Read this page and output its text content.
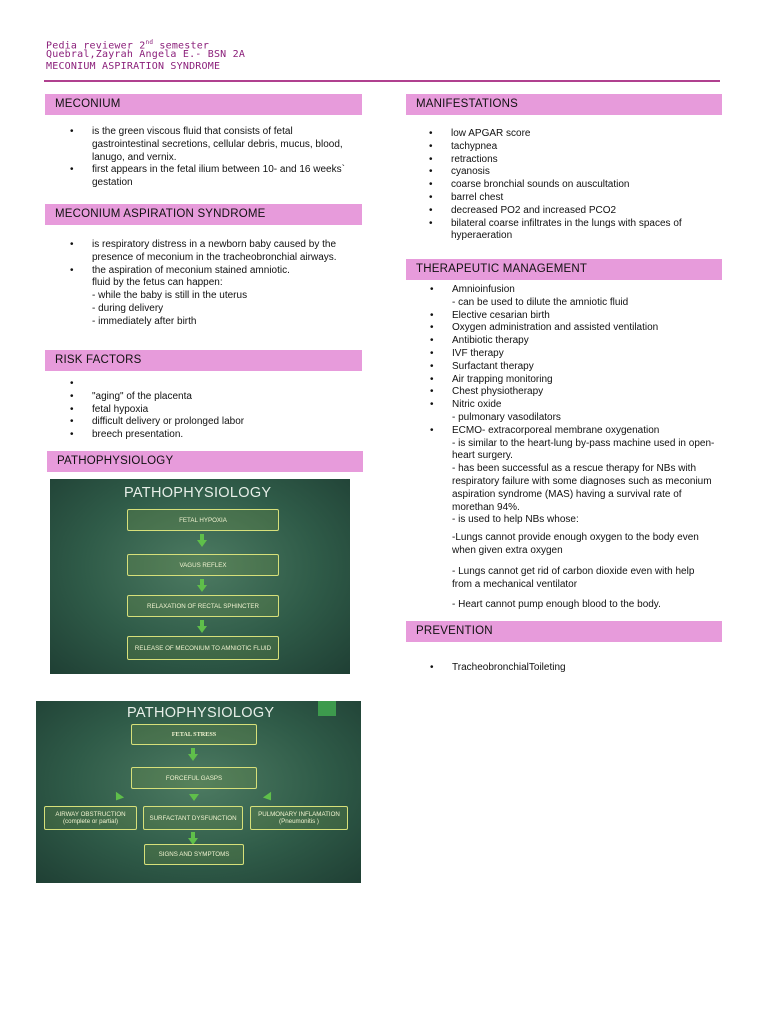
Pedia reviewer 2nd semester
Quebral,Zayrah Angela E.- BSN 2A
MECONIUM ASPIRATION SYNDROME
MECONIUM
• is the green viscous fluid that consists of fetal gastrointestinal secretions, cellular debris, mucus, blood, lanugo, and vernix.
• first appears in the fetal ilium between 10- and 16 weeks` gestation
MECONIUM ASPIRATION SYNDROME
• is respiratory distress in a newborn baby caused by the presence of meconium in the tracheobronchial airways.
• the aspiration of meconium stained amniotic.
fluid by the fetus can happen:
- while the baby is still in the uterus
- during delivery
- immediately after birth
RISK FACTORS
•
• "aging" of the placenta
• fetal hypoxia
• difficult delivery or prolonged labor
• breech presentation.
PATHOPHYSIOLOGY
PATHOPHYSIOLOGY
FETAL HYPOXIA
VAGUS REFLEX
RELAXATION OF RECTAL SPHINCTER
RELEASE OF MECONIUM TO AMNIOTIC FLUID
PATHOPHYSIOLOGY
FETAL STRESS
FORCEFUL GASPS
AIRWAY OBSTRUCTION (complete or partial)	SURFACTANT DYSFUNCTION	PULMONARY INFLAMATION (Pneumonitis )
SIGNS AND SYMPTOMS
MANIFESTATIONS
• low APGAR score
• tachypnea
• retractions
• cyanosis
• coarse bronchial sounds on auscultation
• barrel chest
• decreased PO2 and increased PCO2
• bilateral coarse infiltrates in the lungs with spaces of hyperaeration
THERAPEUTIC MANAGEMENT
• Amnioinfusion
- can be used to dilute the amniotic fluid
• Elective cesarian birth
• Oxygen administration and assisted ventilation
• Antibiotic therapy
• IVF therapy
• Surfactant therapy
• Air trapping monitoring
• Chest physiotherapy
• Nitric oxide
- pulmonary vasodilators
• ECMO- extracorporeal membrane oxygenation
- is similar to the heart-lung by-pass machine used in open-heart surgery.
- has been successful as a rescue therapy for NBs with respiratory failure with some diagnoses such as meconium aspiration syndrome (MAS) having a survival rate of morethan 94%.
- is used to help NBs whose:
-Lungs cannot provide enough oxygen to the body even when given extra oxygen
- Lungs cannot get rid of carbon dioxide even with help from a mechanical ventilator
- Heart cannot pump enough blood to the body.
PREVENTION
• TracheobronchialToileting
